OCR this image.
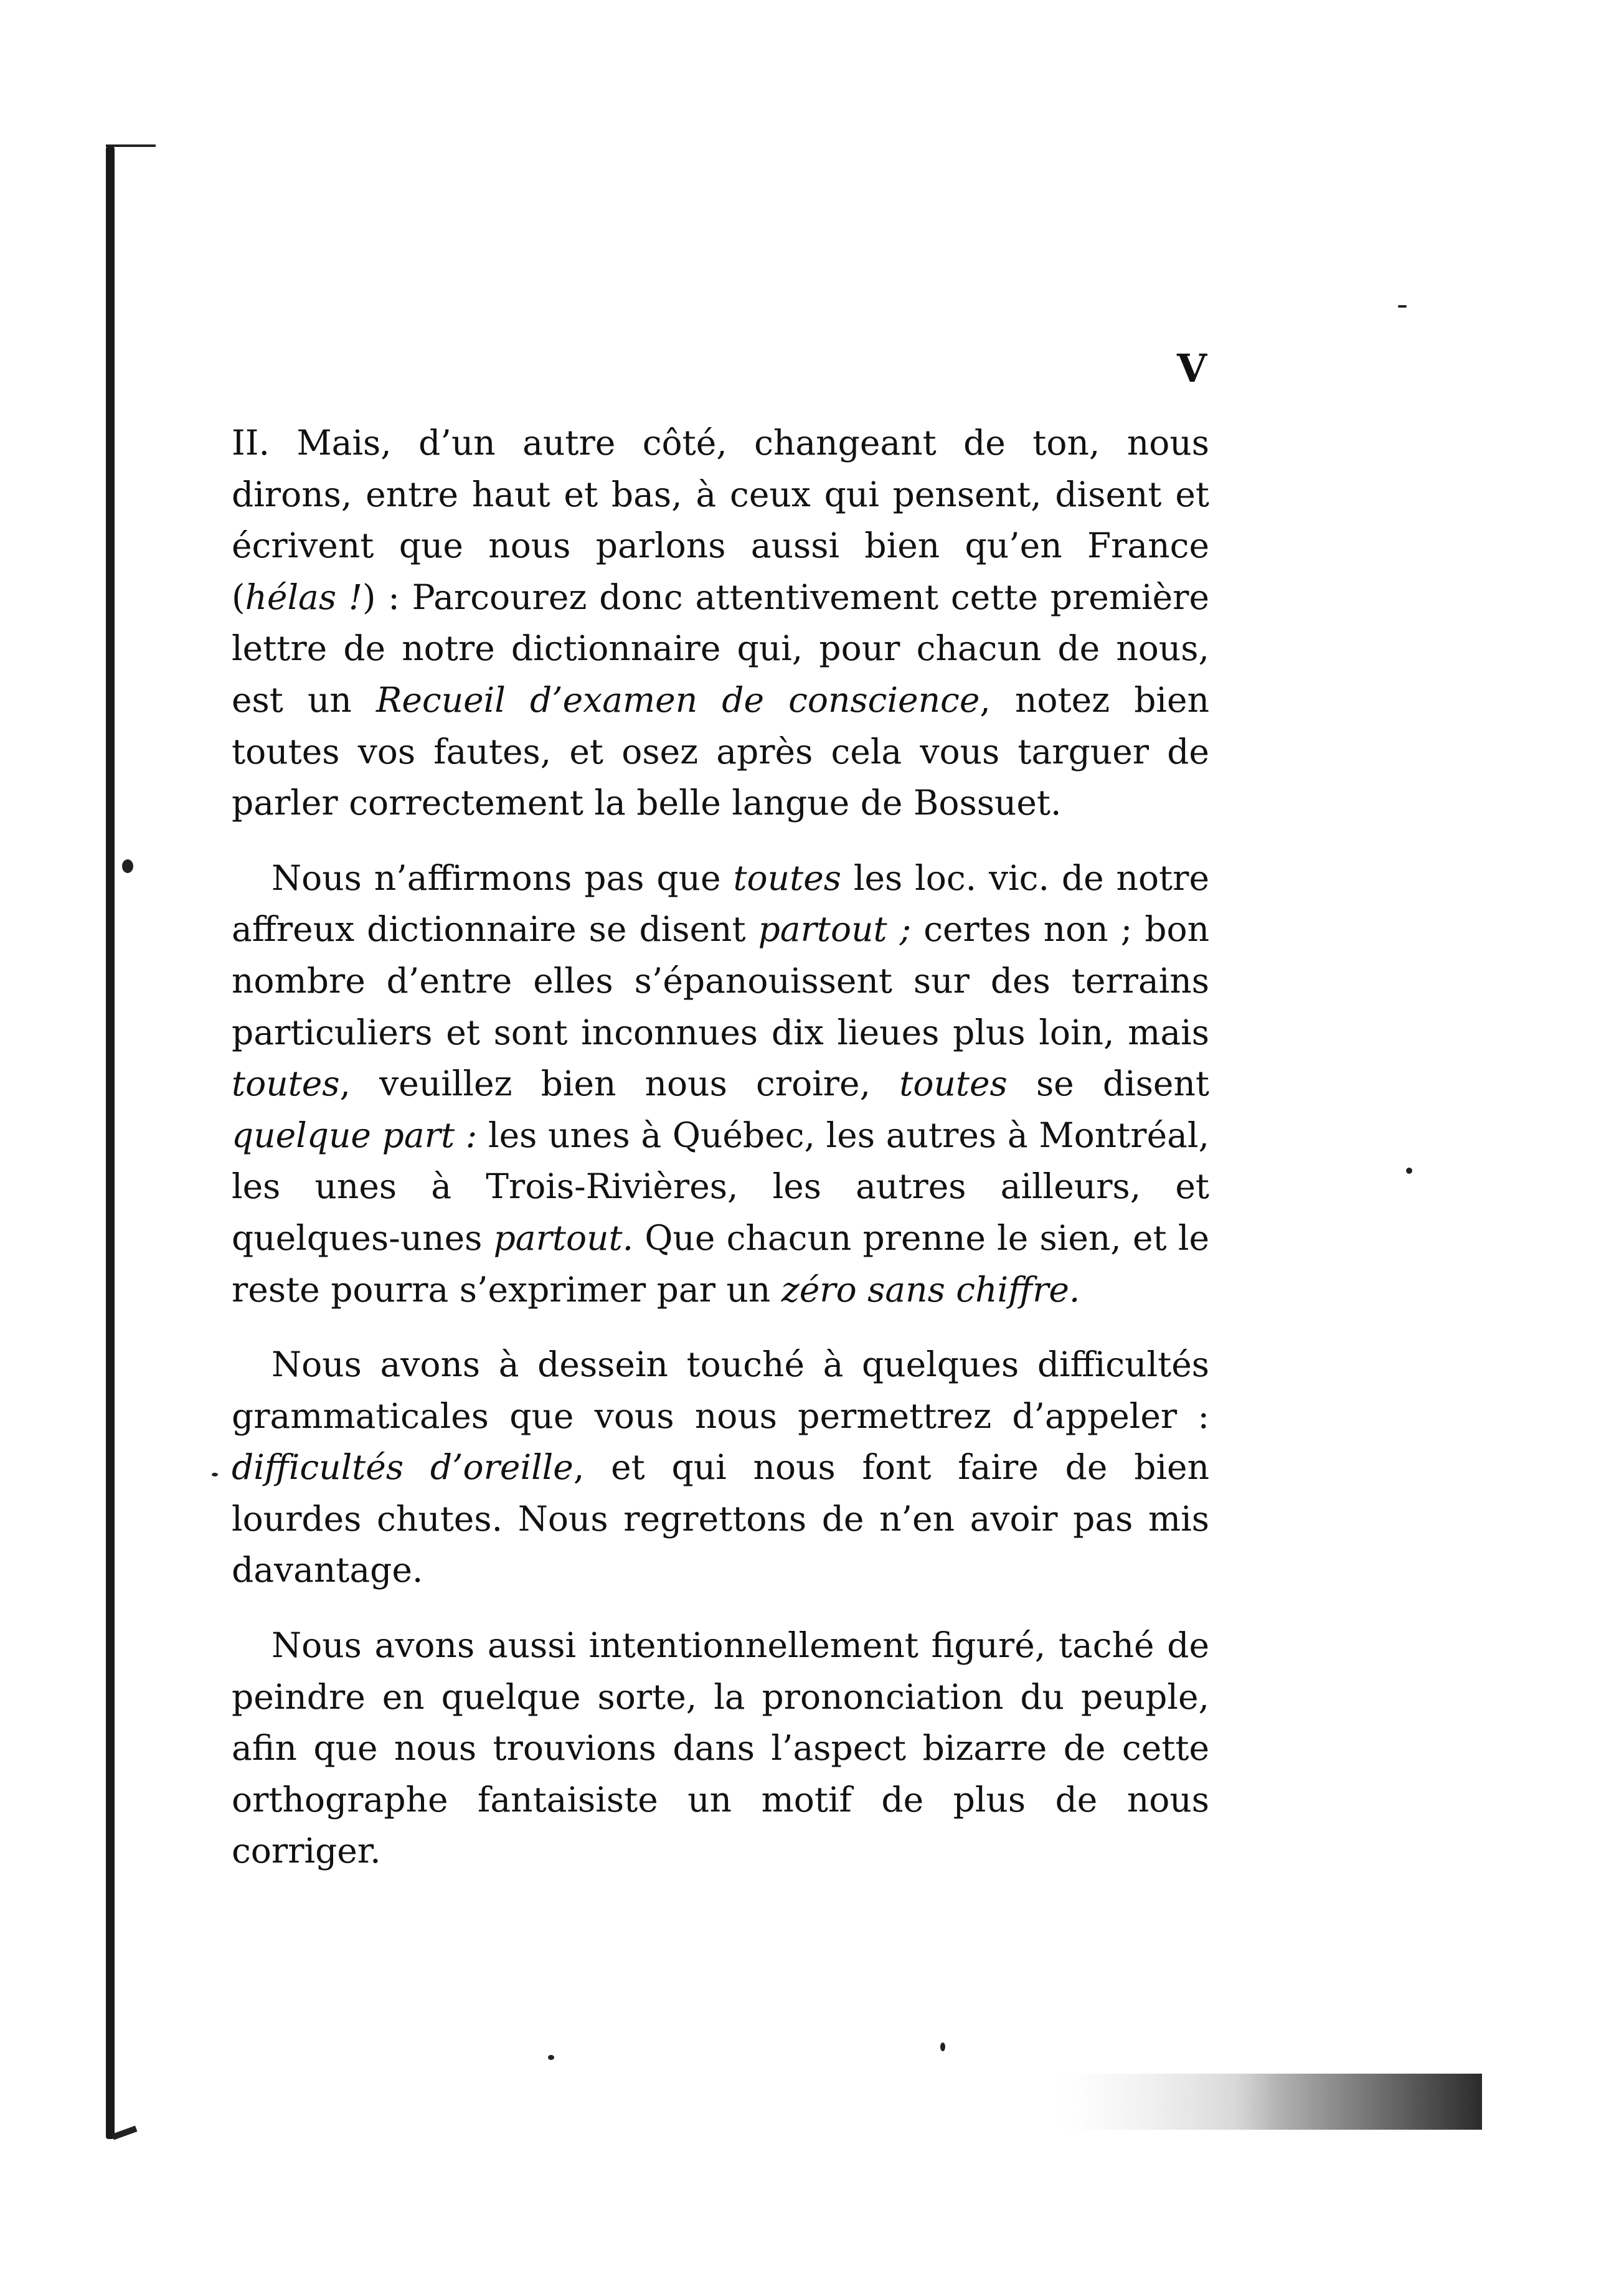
V

II. Mais, d’un autre côté, changeant de ton, nous dirons, entre haut et bas, à ceux qui pensent, disent et écrivent que nous parlons aussi bien qu’en France (hélas !) : Parcourez donc attentivement cette première lettre de notre dictionnaire qui, pour chacun de nous, est un Recueil d’examen de conscience, notez bien toutes vos fautes, et osez après cela vous targuer de parler correctement la belle langue de Bossuet.

Nous n’affirmons pas que toutes les loc. vic. de notre affreux dictionnaire se disent partout ; certes non ; bon nombre d’entre elles s’épanouissent sur des terrains particuliers et sont inconnues dix lieues plus loin, mais toutes, veuillez bien nous croire, toutes se disent quelque part : les unes à Québec, les autres à Montréal, les unes à Trois-Rivières, les autres ailleurs, et quelques-unes partout. Que chacun prenne le sien, et le reste pourra s’exprimer par un zéro sans chiffre.

Nous avons à dessein touché à quelques difficultés grammaticales que vous nous permettrez d’appeler : difficultés d’oreille, et qui nous font faire de bien lourdes chutes. Nous regrettons de n’en avoir pas mis davantage.

Nous avons aussi intentionnellement figuré, taché de peindre en quelque sorte, la prononciation du peuple, afin que nous trouvions dans l’aspect bizarre de cette orthographe fantaisiste un motif de plus de nous corriger.
